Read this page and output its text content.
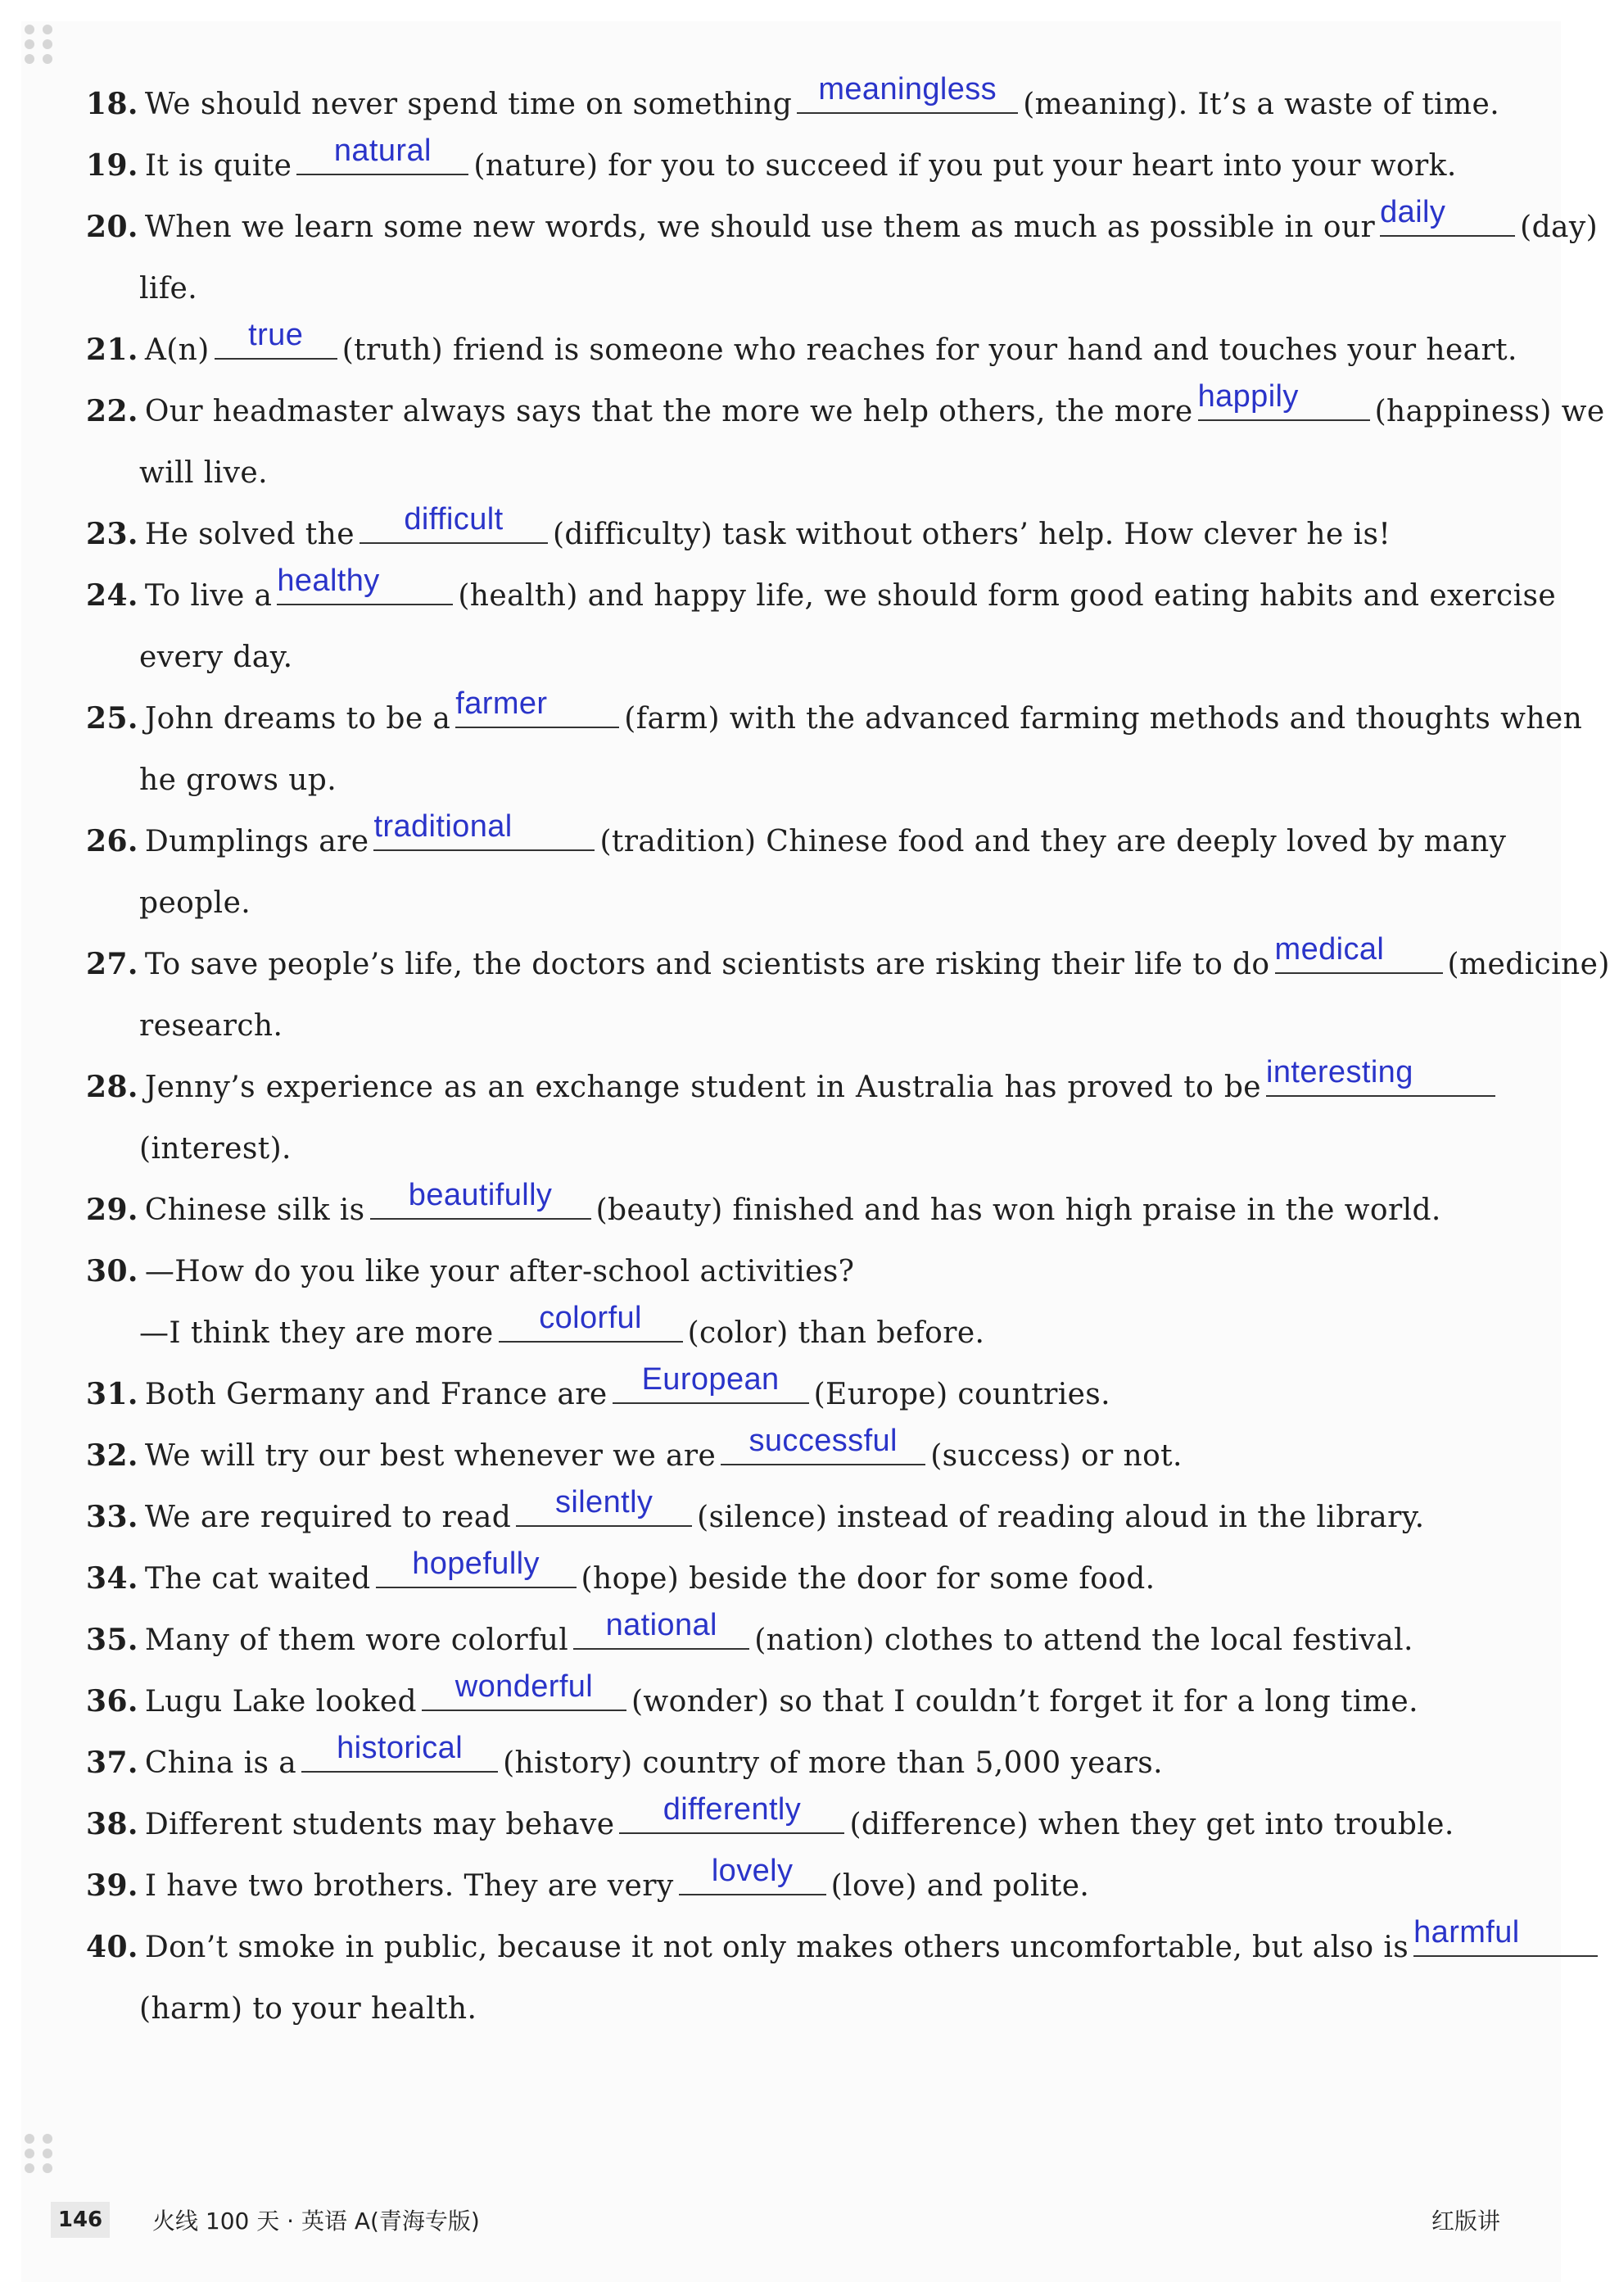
18. We should never spend time on something meaningless (meaning). It’s a waste of time.
19. It is quite	natural	(nature) for you to succeed if you put your heart into your work.
20. When we learn some new words, we should use them as much as possible in our daily	(day)
life.
21. A(n)	true	(truth) friend is someone who reaches for your hand and touches your heart.
22. Our headmaster always says that the more we help others, the more happily	(happiness) we
will live.
23. He solved the	difficult	(difficulty) task without others’ help. How clever he is!
24. To live a healthy	(health) and happy life, we should form good eating habits and exercise
every day.
25. John dreams to be a farmer	(farm) with the advanced farming methods and thoughts when
he grows up.
26. Dumplings are traditional	(tradition) Chinese food and they are deeply loved by many
people.
27. To save people’s life, the doctors and scientists are risking their life to do medical	(medicine)
research.
28. Jenny’s experience as an exchange student in Australia has proved to be interesting
(interest).
29. Chinese silk is	beautifully	(beauty) finished and has won high praise in the world.
30. —How do you like your after-school activities?
—I think they are more	colorful	(color) than before.
31. Both Germany and France are	European	(Europe) countries.
32. We will try our best whenever we are	successful	(success) or not.
33. We are required to read	silently	(silence) instead of reading aloud in the library.
34. The cat waited	hopefully	(hope) beside the door for some food.
35. Many of them wore colorful	national	(nation) clothes to attend the local festival.
36. Lugu Lake looked	wonderful	(wonder) so that I couldn’t forget it for a long time.
37. China is a	historical	(history) country of more than 5,000 years.
38. Different students may behave	differently	(difference) when they get into trouble.
39. I have two brothers. They are very	lovely	(love) and polite.
40. Don’t smoke in public, because it not only makes others uncomfortable, but also is harmful
(harm) to your health.
146	火线 100 天 · 英语 A(青海专版)	红版讲
